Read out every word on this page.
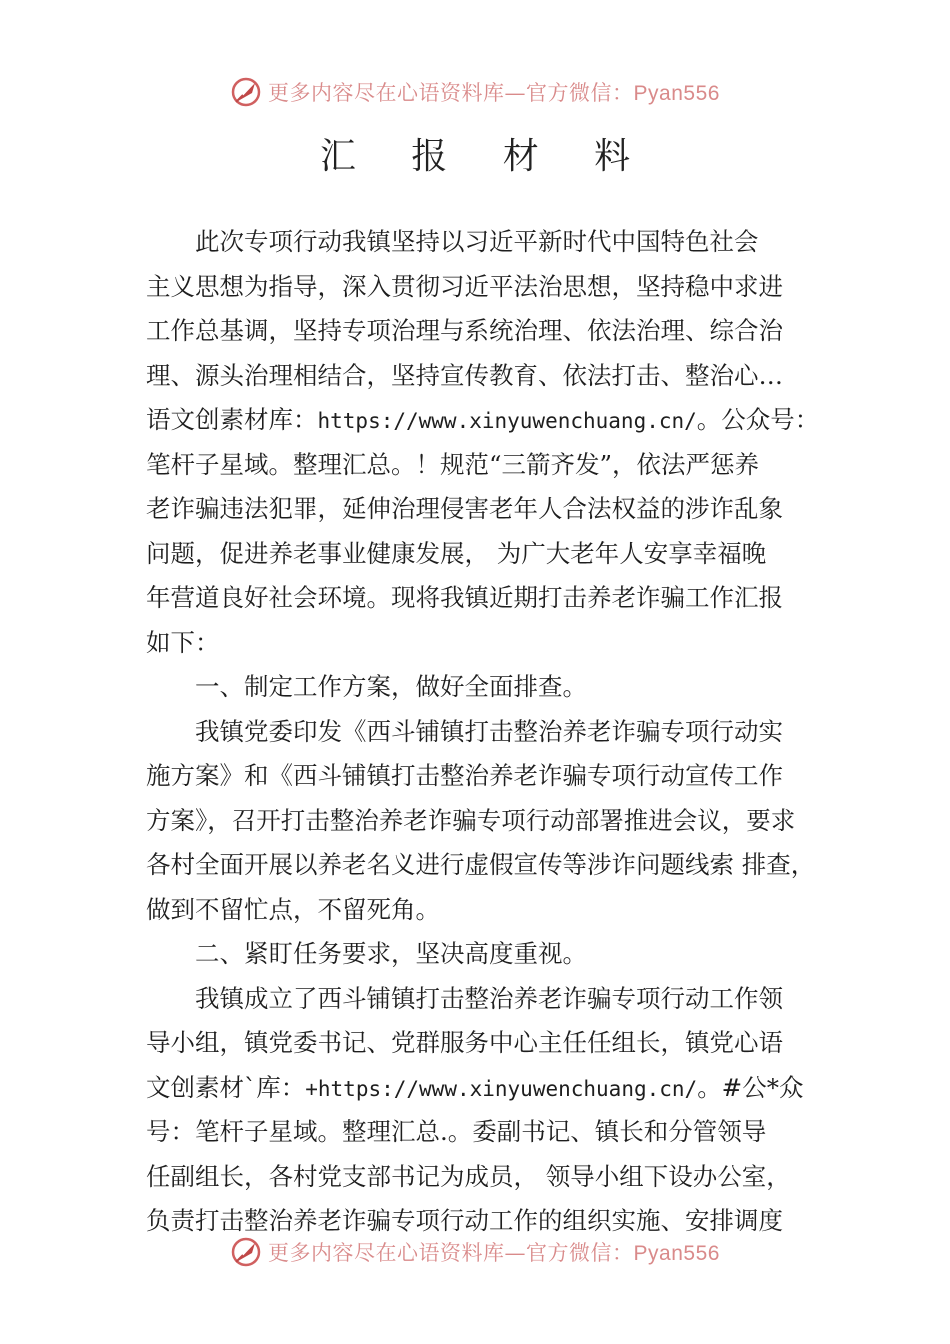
更多内容尽在心语资料库—官方微信：Pyan556
汇 报 材 料
此次专项行动我镇坚持以习近平新时代中国特色社会
主义思想为指导，深入贯彻习近平法治思想，坚持稳中求进
工作总基调，坚持专项治理与系统治理、依法治理、综合治
理、源头治理相结合，坚持宣传教育、依法打击、整治心…
语文创素材库：https://www.xinyuwenchuang.cn/。公众号：
笔杆子星域。整理汇总。！规范“三箭齐发”，依法严惩养
老诈骗违法犯罪，延伸治理侵害老年人合法权益的涉诈乱象
问题，促进养老事业健康发展， 为广大老年人安享幸福晚
年营道良好社会环境。现将我镇近期打击养老诈骗工作汇报
如下：
一、制定工作方案，做好全面排查。
我镇党委印发《西斗铺镇打击整治养老诈骗专项行动实
施方案》和《西斗铺镇打击整治养老诈骗专项行动宣传工作
方案》，召开打击整治养老诈骗专项行动部署推进会议，要求
各村全面开展以养老名义进行虚假宣传等涉诈问题线索 排查，
做到不留忙点，不留死角。
二、紧盯任务要求，坚决高度重视。
我镇成立了西斗铺镇打击整治养老诈骗专项行动工作领
导小组，镇党委书记、党群服务中心主任任组长，镇党心语
文创素材`库：+https://www.xinyuwenchuang.cn/。#公*众
号：笔杆子星域。整理汇总.。委副书记、镇长和分管领导
任副组长，各村党支部书记为成员， 领导小组下设办公室，
负责打击整治养老诈骗专项行动工作的组织实施、安排调度
更多内容尽在心语资料库—官方微信：Pyan556
